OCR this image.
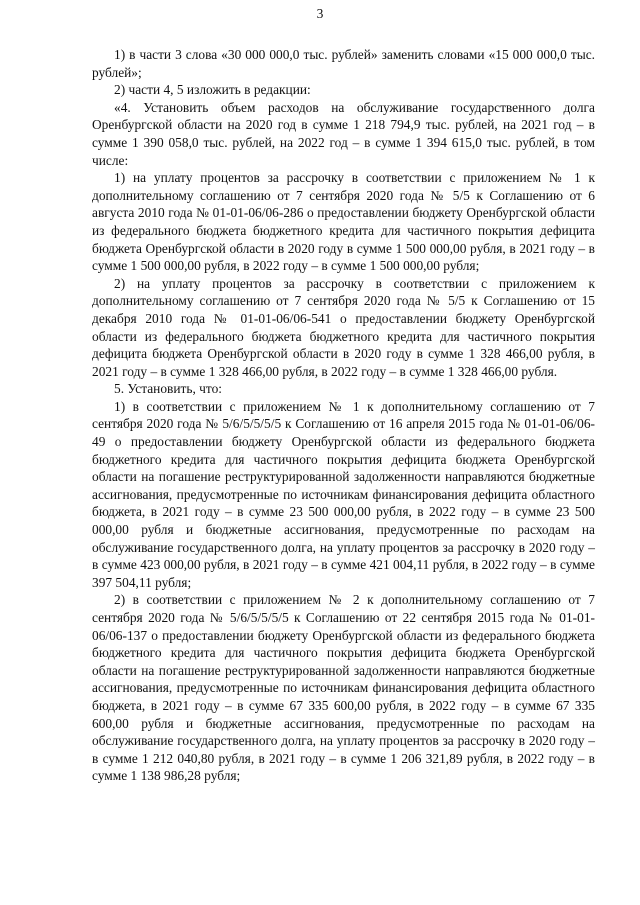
3

1) в части 3 слова «30 000 000,0 тыс. рублей» заменить словами «15 000 000,0 тыс. рублей»;

2) части 4, 5 изложить в редакции:

«4. Установить объем расходов на обслуживание государственного долга Оренбургской области на 2020 год в сумме 1 218 794,9 тыс. рублей, на 2021 год – в сумме 1 390 058,0 тыс. рублей, на 2022 год – в сумме 1 394 615,0 тыс. рублей, в том числе:

1) на уплату процентов за рассрочку в соответствии с приложением № 1 к дополнительному соглашению от 7 сентября 2020 года № 5/5 к Соглашению от 6 августа 2010 года № 01-01-06/06-286 о предоставлении бюджету Оренбургской области из федерального бюджета бюджетного кредита для частичного покрытия дефицита бюджета Оренбургской области в 2020 году в сумме 1 500 000,00 рубля, в 2021 году – в сумме 1 500 000,00 рубля, в 2022 году – в сумме 1 500 000,00 рубля;

2) на уплату процентов за рассрочку в соответствии с приложением к дополнительному соглашению от 7 сентября 2020 года № 5/5 к Соглашению от 15 декабря 2010 года № 01-01-06/06-541 о предоставлении бюджету Оренбургской области из федерального бюджета бюджетного кредита для частичного покрытия дефицита бюджета Оренбургской области в 2020 году в сумме 1 328 466,00 рубля, в 2021 году – в сумме 1 328 466,00 рубля, в 2022 году – в сумме 1 328 466,00 рубля.

5. Установить, что:

1) в соответствии с приложением № 1 к дополнительному соглашению от 7 сентября 2020 года № 5/6/5/5/5/5 к Соглашению от 16 апреля 2015 года № 01-01-06/06-49 о предоставлении бюджету Оренбургской области из федерального бюджета бюджетного кредита для частичного покрытия дефицита бюджета Оренбургской области на погашение реструктурированной задолженности направляются бюджетные ассигнования, предусмотренные по источникам финансирования дефицита областного бюджета, в 2021 году – в сумме 23 500 000,00 рубля, в 2022 году – в сумме 23 500 000,00 рубля и бюджетные ассигнования, предусмотренные по расходам на обслуживание государственного долга, на уплату процентов за рассрочку в 2020 году – в сумме 423 000,00 рубля, в 2021 году – в сумме 421 004,11 рубля, в 2022 году – в сумме 397 504,11 рубля;

2) в соответствии с приложением № 2 к дополнительному соглашению от 7 сентября 2020 года № 5/6/5/5/5/5 к Соглашению от 22 сентября 2015 года № 01-01-06/06-137 о предоставлении бюджету Оренбургской области из федерального бюджета бюджетного кредита для частичного покрытия дефицита бюджета Оренбургской области на погашение реструктурированной задолженности направляются бюджетные ассигнования, предусмотренные по источникам финансирования дефицита областного бюджета, в 2021 году – в сумме 67 335 600,00 рубля, в 2022 году – в сумме 67 335 600,00 рубля и бюджетные ассигнования, предусмотренные по расходам на обслуживание государственного долга, на уплату процентов за рассрочку в 2020 году – в сумме 1 212 040,80 рубля, в 2021 году – в сумме 1 206 321,89 рубля, в 2022 году – в сумме 1 138 986,28 рубля;
